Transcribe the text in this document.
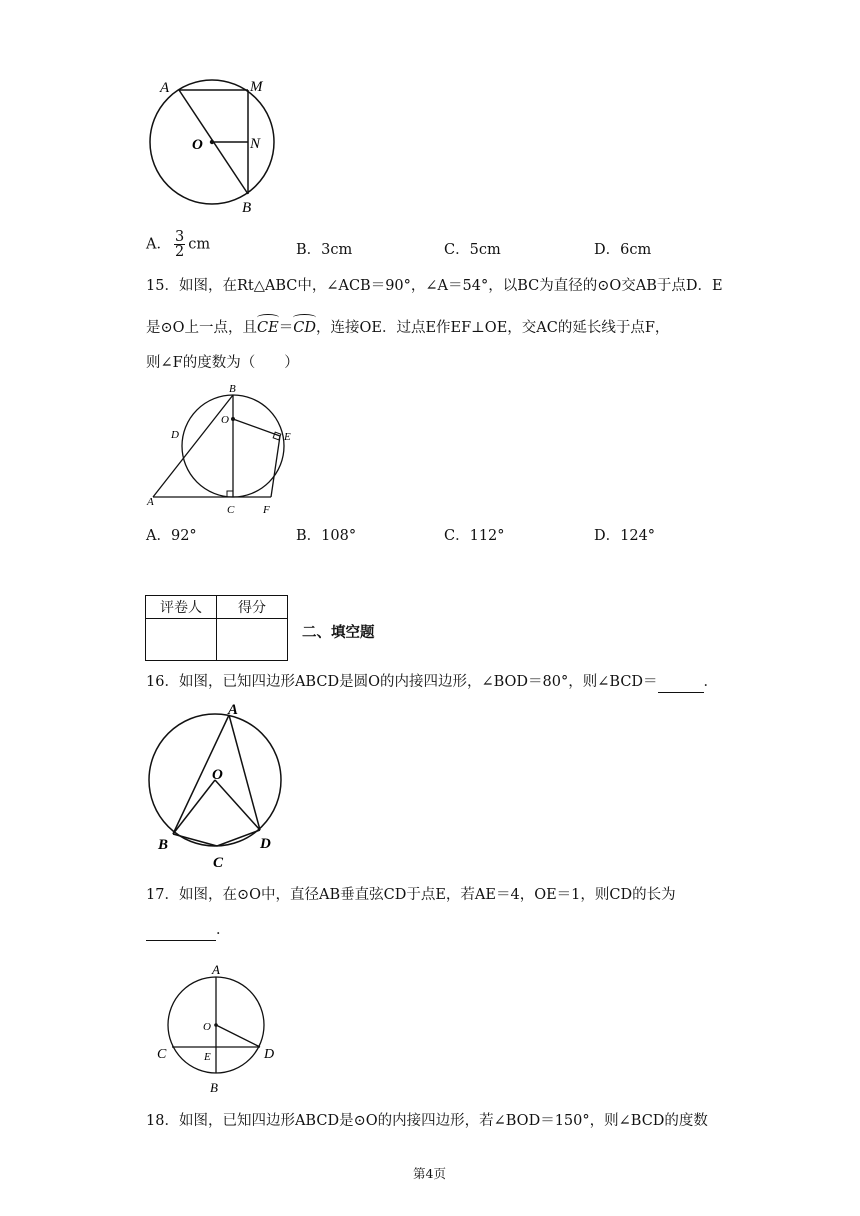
A	M
O	N
B
A． $\frac{3}{2}$ cm	B．3cm	C．5cm	D．6cm
15．如图，在Rt△ABC中，∠ACB＝90°，∠A＝54°，以BC为直径的⊙O交AB于点D．E
是⊙O上一点，且CE＝CD，连接OE．过点E作EF⊥OE，交AC的延长线于点F，
则∠F的度数为（　　）
B
O
D	E
A
C	F
A．92°	B．108°	C．112°	D．124°
评卷人	得分

二、填空题
16．如图，已知四边形ABCD是圆O的内接四边形，∠BOD＝80°，则∠BCD＝	．
A
O
B
C
D
17．如图，在⊙O中，直径AB垂直弦CD于点E，若AE＝4，OE＝1，则CD的长为
．
A
O
C	E	D
B
18．如图，已知四边形ABCD是⊙O的内接四边形，若∠BOD＝150°，则∠BCD的度数
第4页
